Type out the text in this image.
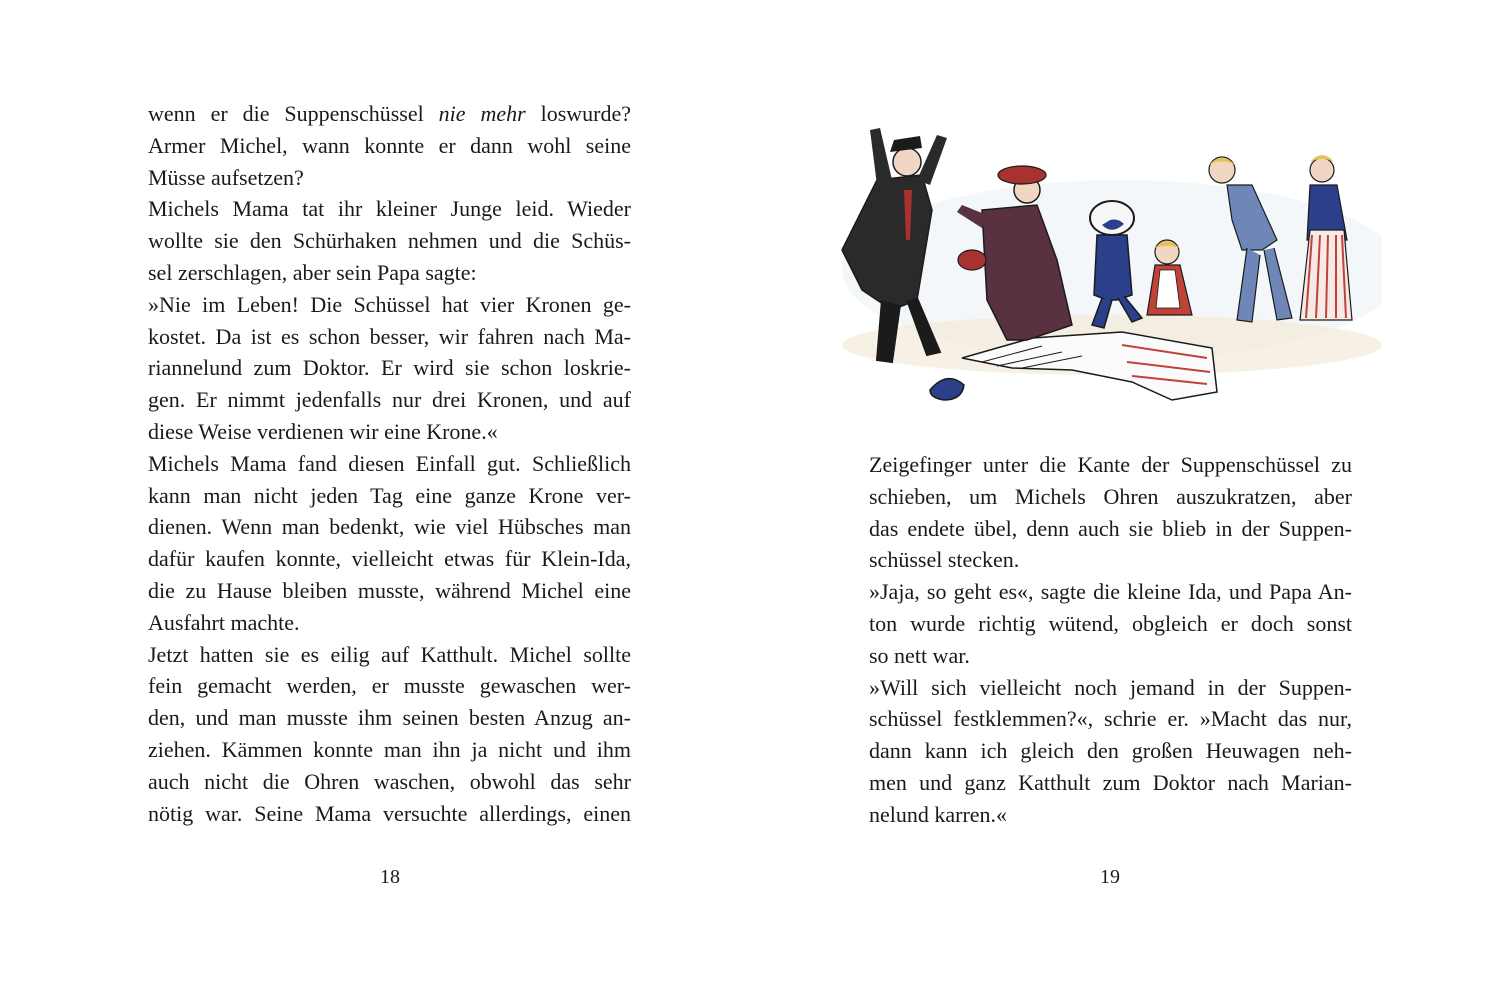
wenn er die Suppenschüssel nie mehr loswurde?
Armer Michel, wann konnte er dann wohl seine
Müsse aufsetzen?
Michels Mama tat ihr kleiner Junge leid. Wieder
wollte sie den Schürhaken nehmen und die Schüs-
sel zerschlagen, aber sein Papa sagte:
»Nie im Leben! Die Schüssel hat vier Kronen ge-
kostet. Da ist es schon besser, wir fahren nach Ma-
riannelund zum Doktor. Er wird sie schon loskrie-
gen. Er nimmt jedenfalls nur drei Kronen, und auf
diese Weise verdienen wir eine Krone.«
Michels Mama fand diesen Einfall gut. Schließlich
kann man nicht jeden Tag eine ganze Krone ver-
dienen. Wenn man bedenkt, wie viel Hübsches man
dafür kaufen konnte, vielleicht etwas für Klein-Ida,
die zu Hause bleiben musste, während Michel eine
Ausfahrt machte.
Jetzt hatten sie es eilig auf Katthult. Michel sollte
fein gemacht werden, er musste gewaschen wer-
den, und man musste ihm seinen besten Anzug an-
ziehen. Kämmen konnte man ihn ja nicht und ihm
auch nicht die Ohren waschen, obwohl das sehr
nötig war. Seine Mama versuchte allerdings, einen
18
Zeigefinger unter die Kante der Suppenschüssel zu
schieben, um Michels Ohren auszukratzen, aber
das endete übel, denn auch sie blieb in der Suppen-
schüssel stecken.
»Jaja, so geht es«, sagte die kleine Ida, und Papa An-
ton wurde richtig wütend, obgleich er doch sonst
so nett war.
»Will sich vielleicht noch jemand in der Suppen-
schüssel festklemmen?«, schrie er. »Macht das nur,
dann kann ich gleich den großen Heuwagen neh-
men und ganz Katthult zum Doktor nach Marian-
nelund karren.«
19
